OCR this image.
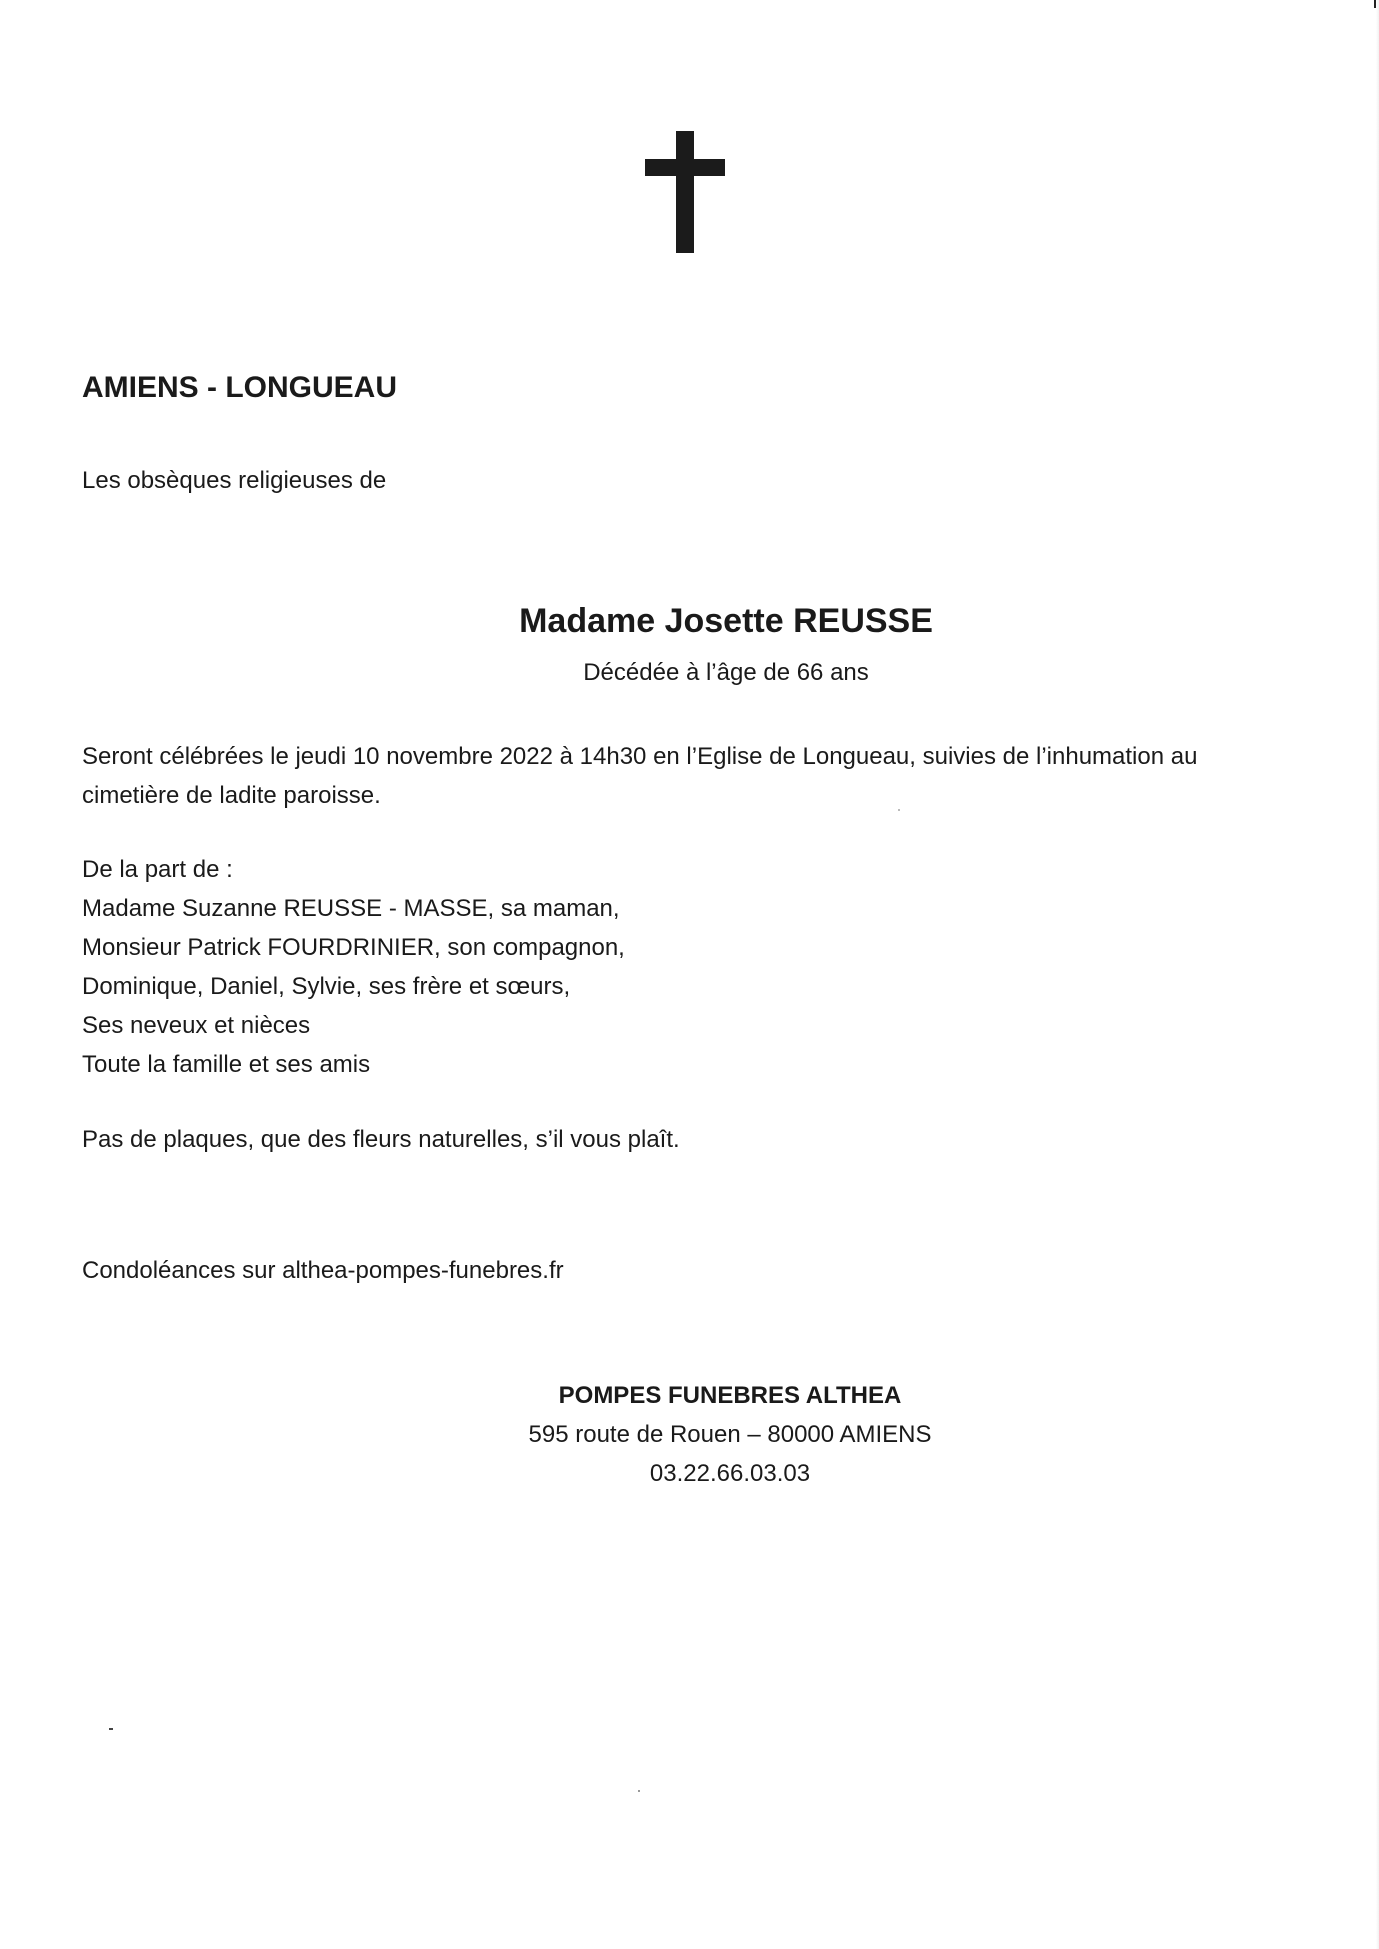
AMIENS - LONGUEAU
Les obsèques religieuses de
Madame Josette REUSSE
Décédée à l’âge de 66 ans
Seront célébrées le jeudi 10 novembre 2022 à 14h30 en l’Eglise de Longueau, suivies de l’inhumation au
cimetière de ladite paroisse.
De la part de :
Madame Suzanne REUSSE - MASSE, sa maman,
Monsieur Patrick FOURDRINIER, son compagnon,
Dominique, Daniel, Sylvie, ses frère et sœurs,
Ses neveux et nièces
Toute la famille et ses amis
Pas de plaques, que des fleurs naturelles, s’il vous plaît.
Condoléances sur althea-pompes-funebres.fr
POMPES FUNEBRES ALTHEA
595 route de Rouen – 80000 AMIENS
03.22.66.03.03
